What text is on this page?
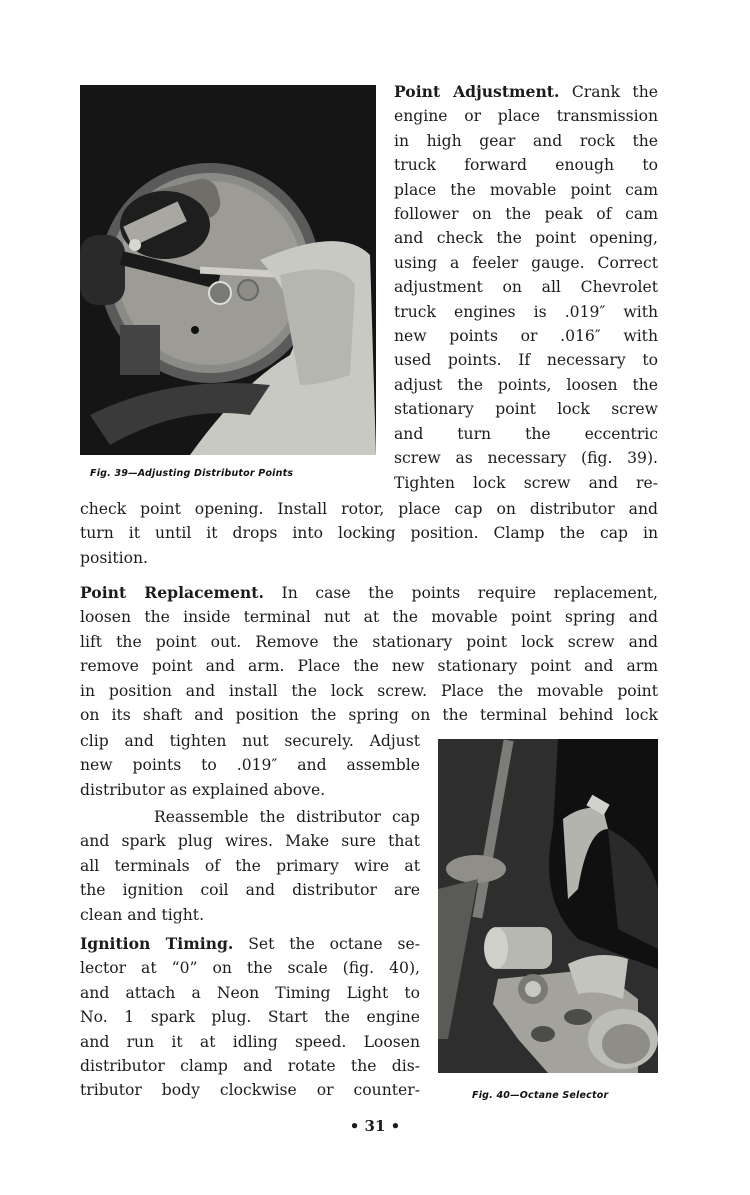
Fig. 39—Adjusting Distributor Points
Point Adjustment. Crank the
engine or place transmission
in high gear and rock the
truck forward enough to
place the movable point cam
follower on the peak of cam
and check the point opening,
using a feeler gauge. Correct
adjustment on all Chevrolet
truck engines is .019″ with
new points or .016″ with
used points. If necessary to
adjust the points, loosen the
stationary point lock screw
and turn the eccentric
screw as necessary (fig. 39).
Tighten lock screw and re-
check point opening. Install rotor, place cap on distributor and
turn it until it drops into locking position. Clamp the cap in
position.
Point Replacement. In case the points require replacement,
loosen the inside terminal nut at the movable point spring and
lift the point out. Remove the stationary point lock screw and
remove point and arm. Place the new stationary point and arm
in position and install the lock screw. Place the movable point
on its shaft and position the spring on the terminal behind lock
clip and tighten nut securely. Adjust
new points to .019″ and assemble
distributor as explained above.
Reassemble the distributor cap
and spark plug wires. Make sure that
all terminals of the primary wire at
the ignition coil and distributor are
clean and tight.
Ignition Timing. Set the octane se-
lector at “0” on the scale (fig. 40),
and attach a Neon Timing Light to
No. 1 spark plug. Start the engine
and run it at idling speed. Loosen
distributor clamp and rotate the dis-
tributor body clockwise or counter-	Fig. 40—Octane Selector
• 31 •
